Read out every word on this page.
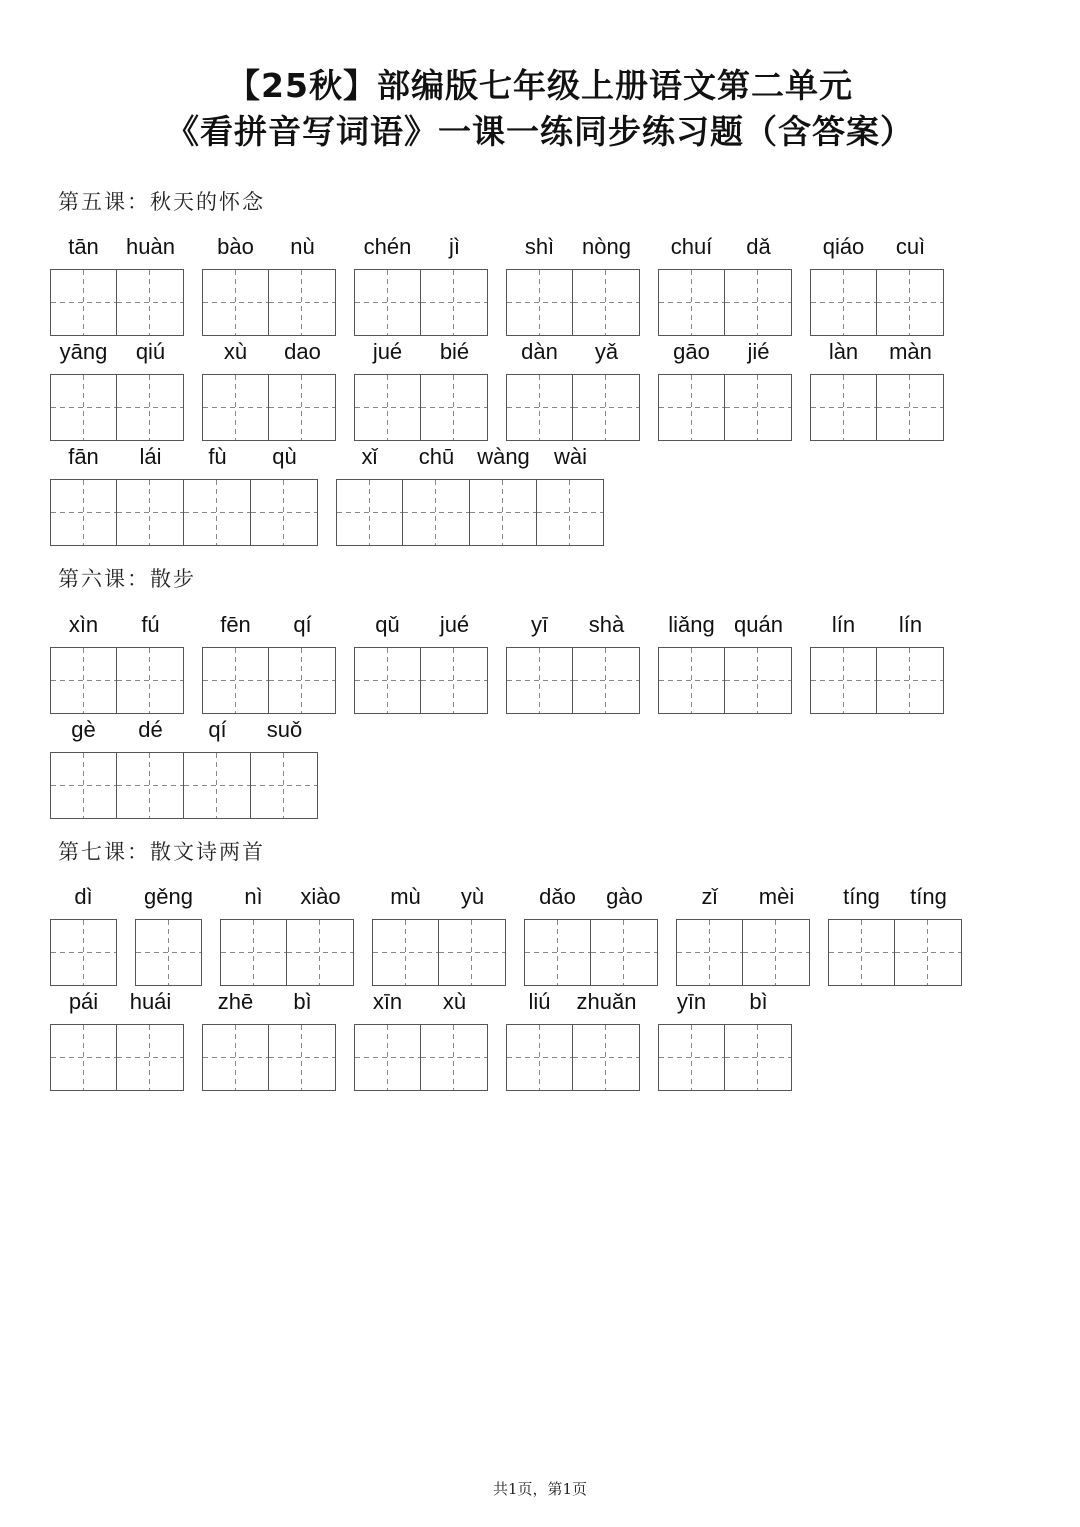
【25秋】部编版七年级上册语文第二单元
《看拼音写词语》一课一练同步练习题（含答案）
第五课：秋天的怀念
tān	huàn	bào	nù	chén	jì	shì	nòng	chuí	dǎ	qiáo	cuì
yāng	qiú	xù	dao	jué	bié	dàn	yǎ	gāo	jié	làn	màn
fān	lái	fù	qù	xǐ	chū	wàng	wài
第六课：散步
xìn	fú	fēn	qí	qǔ	jué	yī	shà	liǎng quán	lín	lín
gè	dé	qí	suǒ
第七课：散文诗两首
dì	gěng	nì	xiào	mù	yù	dǎo	gào	zǐ	mèi	tíng	tíng
pái	huái	zhē	bì	xīn	xù	liú	zhuǎn	yīn	bì
共1页，第1页
